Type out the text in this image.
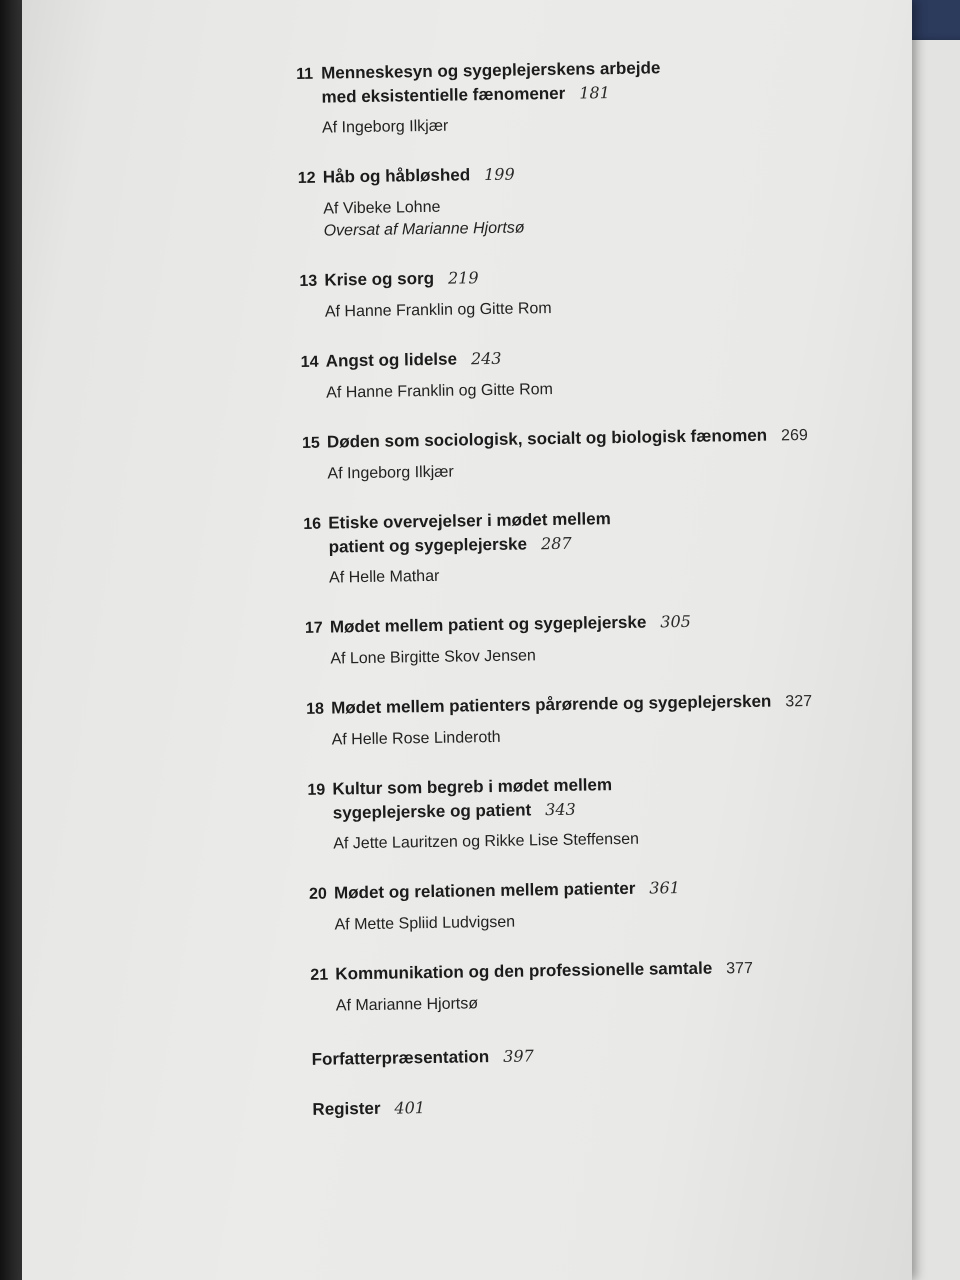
11 Menneskesyn og sygeplejerskens arbejde med eksistentielle fænomener 181
Af Ingeborg Ilkjær
12 Håb og håbløshed 199
Af Vibeke Lohne
Oversat af Marianne Hjortsø
13 Krise og sorg 219
Af Hanne Franklin og Gitte Rom
14 Angst og lidelse 243
Af Hanne Franklin og Gitte Rom
15 Døden som sociologisk, socialt og biologisk fænomen 269
Af Ingeborg Ilkjær
16 Etiske overvejelser i mødet mellem patient og sygeplejerske 287
Af Helle Mathar
17 Mødet mellem patient og sygeplejerske 305
Af Lone Birgitte Skov Jensen
18 Mødet mellem patienters pårørende og sygeplejersken 327
Af Helle Rose Linderoth
19 Kultur som begreb i mødet mellem sygeplejerske og patient 343
Af Jette Lauritzen og Rikke Lise Steffensen
20 Mødet og relationen mellem patienter 361
Af Mette Spliid Ludvigsen
21 Kommunikation og den professionelle samtale 377
Af Marianne Hjortsø
Forfatterpræsentation 397
Register 401
